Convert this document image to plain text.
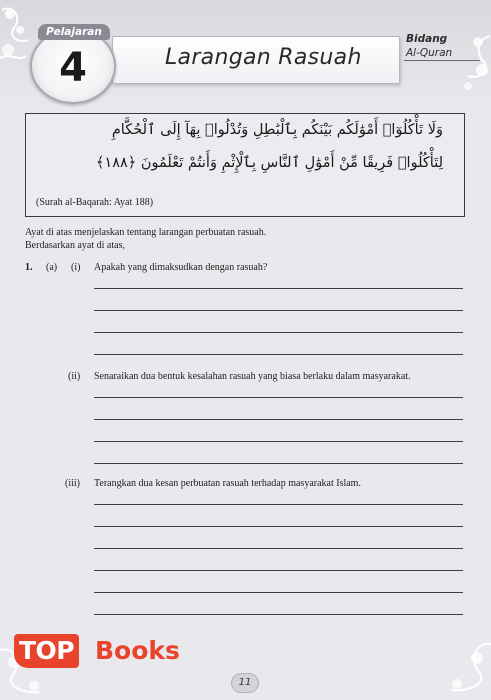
Larangan Rasuah
Pelajaran
4
Bidang
Al-Quran
وَلَا تَأْكُلُوٓا۟ أَمْوَٰلَكُم بَيْنَكُم بِٱلْبَٰطِلِ وَتُدْلُوا۟ بِهَآ إِلَى ٱلْحُكَّامِ
لِتَأْكُلُوا۟ فَرِيقًا مِّنْ أَمْوَٰلِ ٱلنَّاسِ بِٱلْإِثْمِ وَأَنتُمْ تَعْلَمُونَ ﴿١٨٨﴾
(Surah al-Baqarah: Ayat 188)
Ayat di atas menjelaskan tentang larangan perbuatan rasuah.
Berdasarkan ayat di atas,
1. (a) (i) Apakah yang dimaksudkan dengan rasuah?
(ii) Senaraikan dua bentuk kesalahan rasuah yang biasa berlaku dalam masyarakat.
(iii) Terangkan dua kesan perbuatan rasuah terhadap masyarakat Islam.
11
TOP Books
